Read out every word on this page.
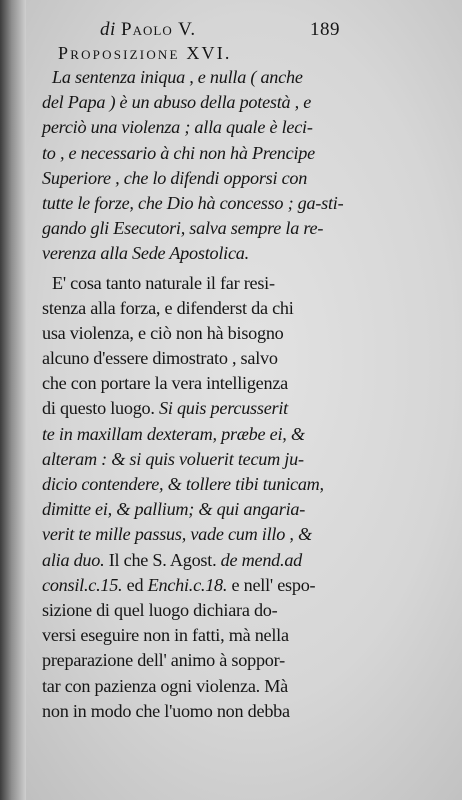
di Paolo V.	189
Proposizione XVI.
La sentenza iniqua , e nulla ( anche
del Papa ) è un abuso della potestà , e
perciò una violenza ; alla quale è leci-
to , e necessario à chi non hà Prencipe
Superiore , che lo difendi opporsi con
tutte le forze, che Dio hà concesso ; ga-sti-
gando gli Esecutori, salva sempre la re-
verenza alla Sede Apostolica.
E' cosa tanto naturale il far resi-
stenza alla forza, e difenderst da chi
usa violenza, e ciò non hà bisogno
alcuno d'essere dimostrato , salvo
che con portare la vera intelligenza
di questo luogo. Si quis percusserit
te in maxillam dexteram, præbe ei, &
alteram : & si quis voluerit tecum ju-
dicio contendere, & tollere tibi tunicam,
dimitte ei, & pallium; & qui angaria-
verit te mille passus, vade cum illo , &
alia duo. Il che S. Agost. de mend.ad
consil.c.15. ed Enchi.c.18. e nell' espo-
sizione di quel luogo dichiara do-
versi eseguire non in fatti, mà nella
preparazione dell' animo à soppor-
tar con pazienza ogni violenza. Mà
non in modo che l'uomo non debba
